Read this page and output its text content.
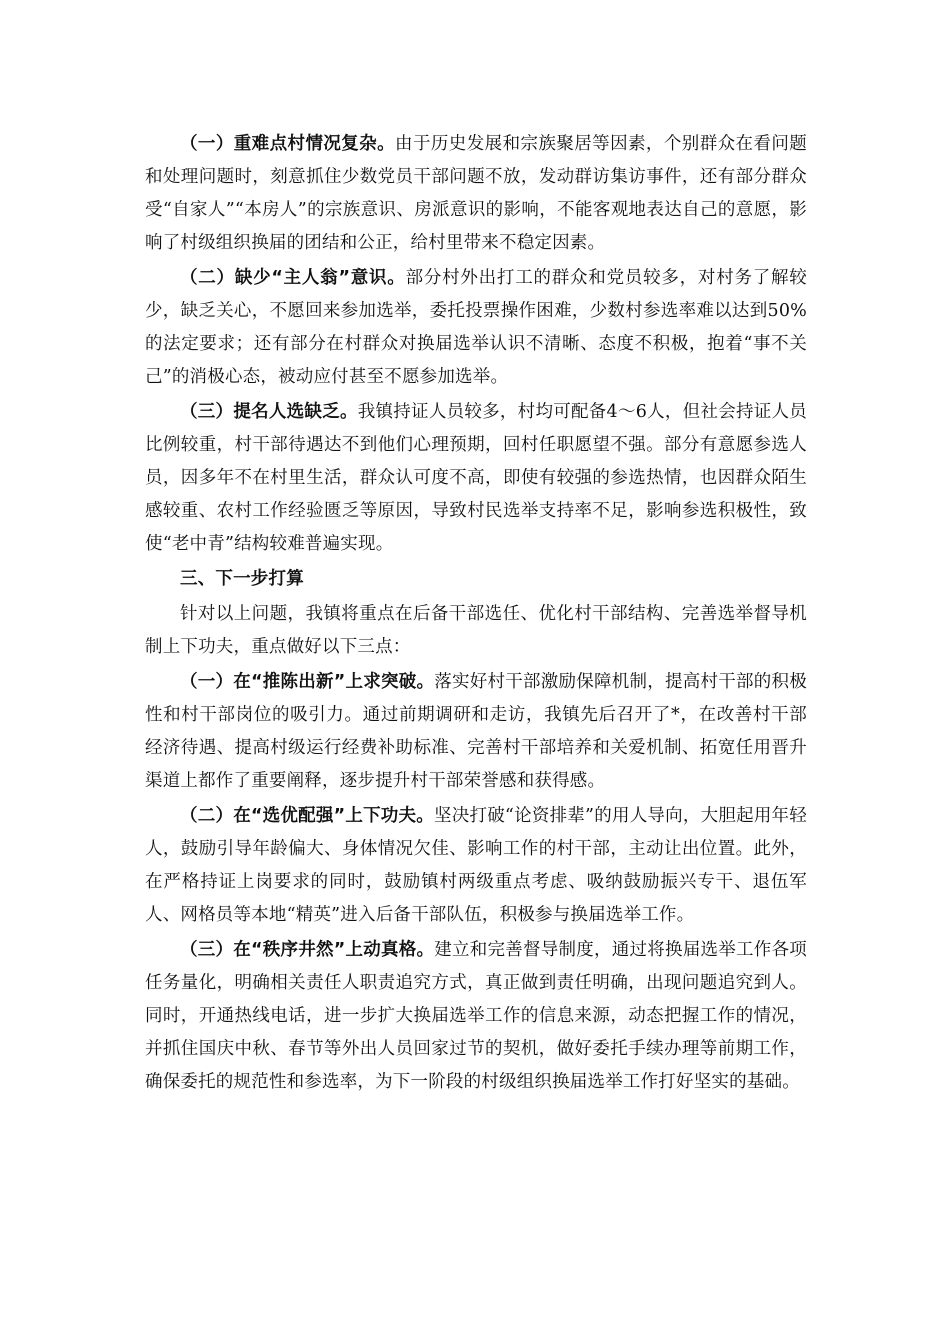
（一）重难点村情况复杂。由于历史发展和宗族聚居等因素，个别群众在看问题和处理问题时，刻意抓住少数党员干部问题不放，发动群访集访事件，还有部分群众受“自家人”“本房人”的宗族意识、房派意识的影响，不能客观地表达自己的意愿，影响了村级组织换届的团结和公正，给村里带来不稳定因素。

（二）缺少“主人翁”意识。部分村外出打工的群众和党员较多，对村务了解较少，缺乏关心，不愿回来参加选举，委托投票操作困难，少数村参选率难以达到50%的法定要求；还有部分在村群众对换届选举认识不清晰、态度不积极，抱着“事不关己”的消极心态，被动应付甚至不愿参加选举。

（三）提名人选缺乏。我镇持证人员较多，村均可配备4～6人，但社会持证人员比例较重，村干部待遇达不到他们心理预期，回村任职愿望不强。部分有意愿参选人员，因多年不在村里生活，群众认可度不高，即使有较强的参选热情，也因群众陌生感较重、农村工作经验匮乏等原因，导致村民选举支持率不足，影响参选积极性，致使“老中青”结构较难普遍实现。

三、下一步打算

针对以上问题，我镇将重点在后备干部选任、优化村干部结构、完善选举督导机制上下功夫，重点做好以下三点：

（一）在“推陈出新”上求突破。落实好村干部激励保障机制，提高村干部的积极性和村干部岗位的吸引力。通过前期调研和走访，我镇先后召开了*，在改善村干部经济待遇、提高村级运行经费补助标准、完善村干部培养和关爱机制、拓宽任用晋升渠道上都作了重要阐释，逐步提升村干部荣誉感和获得感。

（二）在“选优配强”上下功夫。坚决打破“论资排辈”的用人导向，大胆起用年轻人，鼓励引导年龄偏大、身体情况欠佳、影响工作的村干部，主动让出位置。此外，在严格持证上岗要求的同时，鼓励镇村两级重点考虑、吸纳鼓励振兴专干、退伍军人、网格员等本地“精英”进入后备干部队伍，积极参与换届选举工作。

（三）在“秩序井然”上动真格。建立和完善督导制度，通过将换届选举工作各项任务量化，明确相关责任人职责追究方式，真正做到责任明确，出现问题追究到人。同时，开通热线电话，进一步扩大换届选举工作的信息来源，动态把握工作的情况，并抓住国庆中秋、春节等外出人员回家过节的契机，做好委托手续办理等前期工作，确保委托的规范性和参选率，为下一阶段的村级组织换届选举工作打好坚实的基础。
